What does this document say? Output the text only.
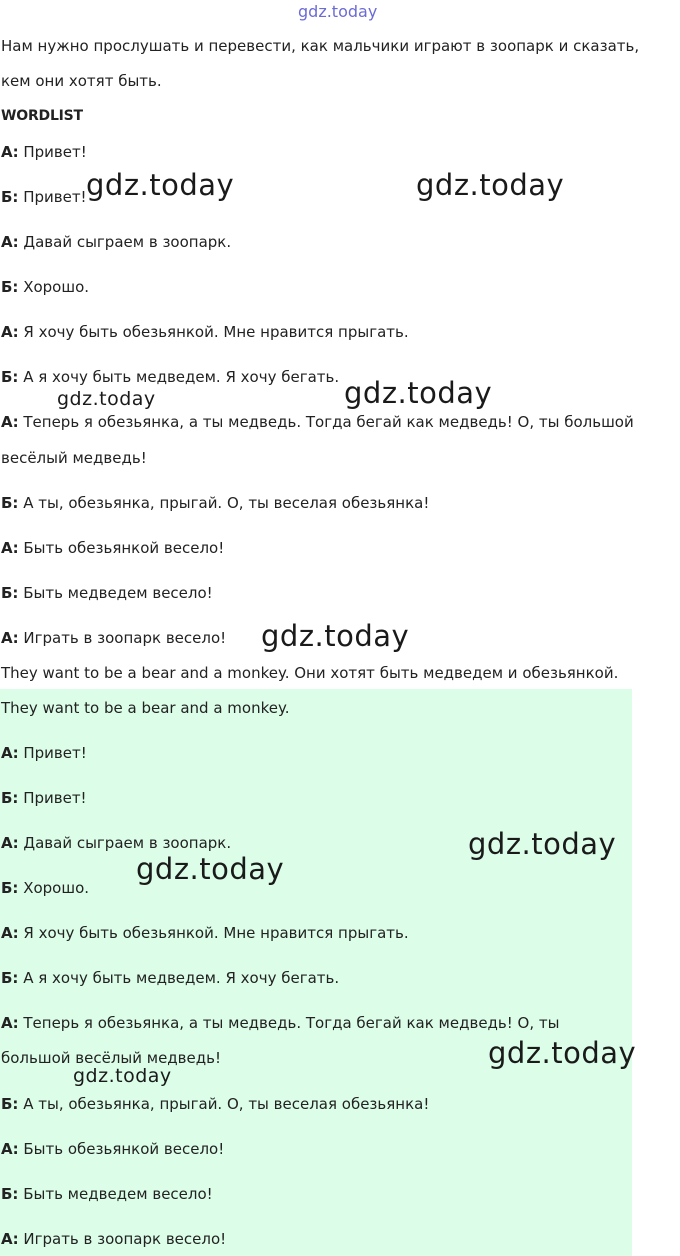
gdz.today
Нам нужно прослушать и перевести, как мальчики играют в зоопарк и сказать,
кем они хотят быть.
WORDLIST
А: Привет!
Б: Привет!
А: Давай сыграем в зоопарк.
Б: Хорошо.
А: Я хочу быть обезьянкой. Мне нравится прыгать.
Б: А я хочу быть медведем. Я хочу бегать.
А: Теперь я обезьянка, а ты медведь. Тогда бегай как медведь! О, ты большой
весёлый медведь!
Б: А ты, обезьянка, прыгай. О, ты веселая обезьянка!
А: Быть обезьянкой весело!
Б: Быть медведем весело!
А: Играть в зоопарк весело!
They want to be a bear and a monkey. Они хотят быть медведем и обезьянкой.
They want to be a bear and a monkey.
А: Привет!
Б: Привет!
А: Давай сыграем в зоопарк.
Б: Хорошо.
А: Я хочу быть обезьянкой. Мне нравится прыгать.
Б: А я хочу быть медведем. Я хочу бегать.
А: Теперь я обезьянка, а ты медведь. Тогда бегай как медведь! О, ты
большой весёлый медведь!
Б: А ты, обезьянка, прыгай. О, ты веселая обезьянка!
А: Быть обезьянкой весело!
Б: Быть медведем весело!
А: Играть в зоопарк весело!
gdz.today	gdz.today
gdz.today	gdz.today
gdz.today
gdz.today
gdz.today
gdz.today
gdz.today
